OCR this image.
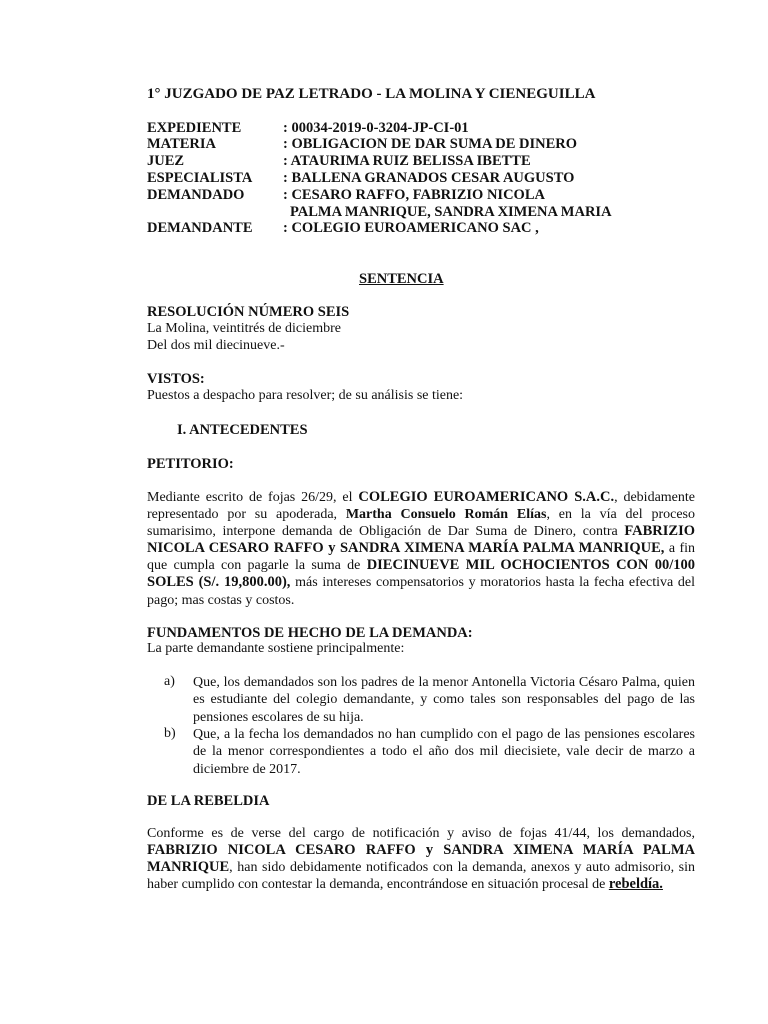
1° JUZGADO DE PAZ LETRADO - LA MOLINA Y CIENEGUILLA
EXPEDIENTE	: 00034-2019-0-3204-JP-CI-01
MATERIA	: OBLIGACION DE DAR SUMA DE DINERO
JUEZ	: ATAURIMA RUIZ BELISSA IBETTE
ESPECIALISTA : BALLENA GRANADOS CESAR AUGUSTO
DEMANDADO	: CESARO RAFFO, FABRIZIO NICOLA
PALMA MANRIQUE, SANDRA XIMENA MARIA
DEMANDANTE : COLEGIO EUROAMERICANO SAC ,
SENTENCIA
RESOLUCIÓN NÚMERO SEIS
La Molina, veintitrés de diciembre
Del dos mil diecinueve.-
VISTOS:
Puestos a despacho para resolver; de su análisis se tiene:
I. ANTECEDENTES
PETITORIO:
Mediante escrito de fojas 26/29, el COLEGIO EUROAMERICANO S.A.C., debidamente representado por su apoderada, Martha Consuelo Román Elías, en la vía del proceso sumarisimo, interpone demanda de Obligación de Dar Suma de Dinero, contra FABRIZIO NICOLA CESARO RAFFO y SANDRA XIMENA MARÍA PALMA MANRIQUE, a fin que cumpla con pagarle la suma de DIECINUEVE MIL OCHOCIENTOS CON 00/100 SOLES (S/. 19,800.00), más intereses compensatorios y moratorios hasta la fecha efectiva del pago; mas costas y costos.
FUNDAMENTOS DE HECHO DE LA DEMANDA:
La parte demandante sostiene principalmente:
a) Que, los demandados son los padres de la menor Antonella Victoria Césaro Palma, quien es estudiante del colegio demandante, y como tales son responsables del pago de las pensiones escolares de su hija.
b) Que, a la fecha los demandados no han cumplido con el pago de las pensiones escolares de la menor correspondientes a todo el año dos mil diecisiete, vale decir de marzo a diciembre de 2017.
DE LA REBELDIA
Conforme es de verse del cargo de notificación y aviso de fojas 41/44, los demandados, FABRIZIO NICOLA CESARO RAFFO y SANDRA XIMENA MARÍA PALMA MANRIQUE, han sido debidamente notificados con la demanda, anexos y auto admisorio, sin haber cumplido con contestar la demanda, encontrándose en situación procesal de rebeldía.
